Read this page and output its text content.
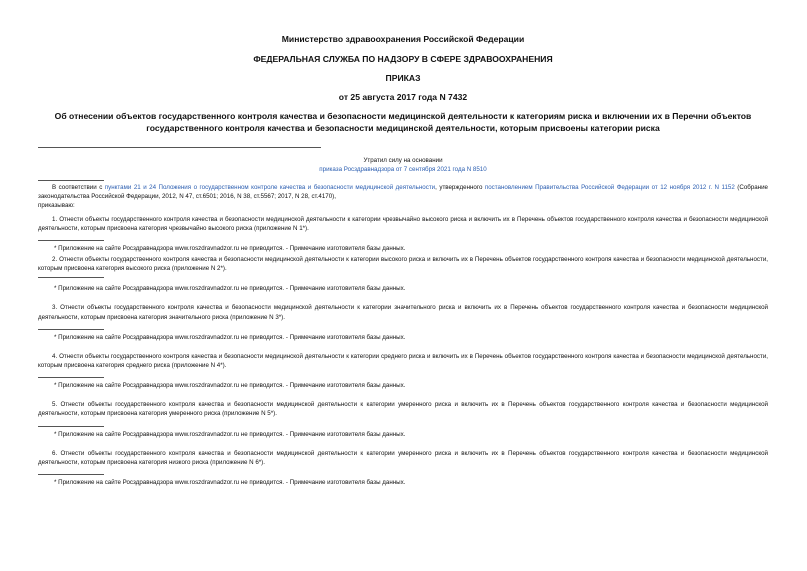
Министерство здравоохранения Российской Федерации

ФЕДЕРАЛЬНАЯ СЛУЖБА ПО НАДЗОРУ В СФЕРЕ ЗДРАВООХРАНЕНИЯ

ПРИКАЗ

от 25 августа 2017 года N 7432

Об отнесении объектов государственного контроля качества и безопасности медицинской деятельности к категориям риска и включении их в Перечни объектов государственного контроля качества и безопасности медицинской деятельности, которым присвоены категории риска

Утратил силу на основании
приказа Росздравнадзора от 7 сентября 2021 года N 8510
В соответствии с пунктами 21 и 24 Положения о государственном контроле качества и безопасности медицинской деятельности, утвержденного постановлением Правительства Российской Федерации от 12 ноября 2012 г. N 1152 (Собрание законодательства Российской Федерации, 2012, N 47, ст.6501; 2016, N 38, ст.5567; 2017, N 28, ст.4170),
приказываю:
1. Отнести объекты государственного контроля качества и безопасности медицинской деятельности к категории чрезвычайно высокого риска и включить их в Перечень объектов государственного контроля качества и безопасности медицинской деятельности, которым присвоена категория чрезвычайно высокого риска (приложение N 1*).
* Приложение на сайте Росздравнадзора www.roszdravnadzor.ru не приводится. - Примечание изготовителя базы данных.
2. Отнести объекты государственного контроля качества и безопасности медицинской деятельности к категории высокого риска и включить их в Перечень объектов государственного контроля качества и безопасности медицинской деятельности, которым присвоена категория высокого риска (приложение N 2*).
* Приложение на сайте Росздравнадзора www.roszdravnadzor.ru не приводится. - Примечание изготовителя базы данных.
3. Отнести объекты государственного контроля качества и безопасности медицинской деятельности к категории значительного риска и включить их в Перечень объектов государственного контроля качества и безопасности медицинской деятельности, которым присвоена категория значительного риска (приложение N 3*).
* Приложение на сайте Росздравнадзора www.roszdravnadzor.ru не приводится. - Примечание изготовителя базы данных.
4. Отнести объекты государственного контроля качества и безопасности медицинской деятельности к категории среднего риска и включить их в Перечень объектов государственного контроля качества и безопасности медицинской деятельности, которым присвоена категория среднего риска (приложение N 4*).
* Приложение на сайте Росздравнадзора www.roszdravnadzor.ru не приводится. - Примечание изготовителя базы данных.
5. Отнести объекты государственного контроля качества и безопасности медицинской деятельности к категории умеренного риска и включить их в Перечень объектов государственного контроля качества и безопасности медицинской деятельности, которым присвоена категория умеренного риска (приложение N 5*).
* Приложение на сайте Росздравнадзора www.roszdravnadzor.ru не приводится. - Примечание изготовителя базы данных.
6. Отнести объекты государственного контроля качества и безопасности медицинской деятельности к категории умеренного риска и включить их в Перечень объектов государственного контроля качества и безопасности медицинской деятельности, которым присвоена категория низкого риска (приложение N 6*).
* Приложение на сайте Росздравнадзора www.roszdravnadzor.ru не приводится. - Примечание изготовителя базы данных.
